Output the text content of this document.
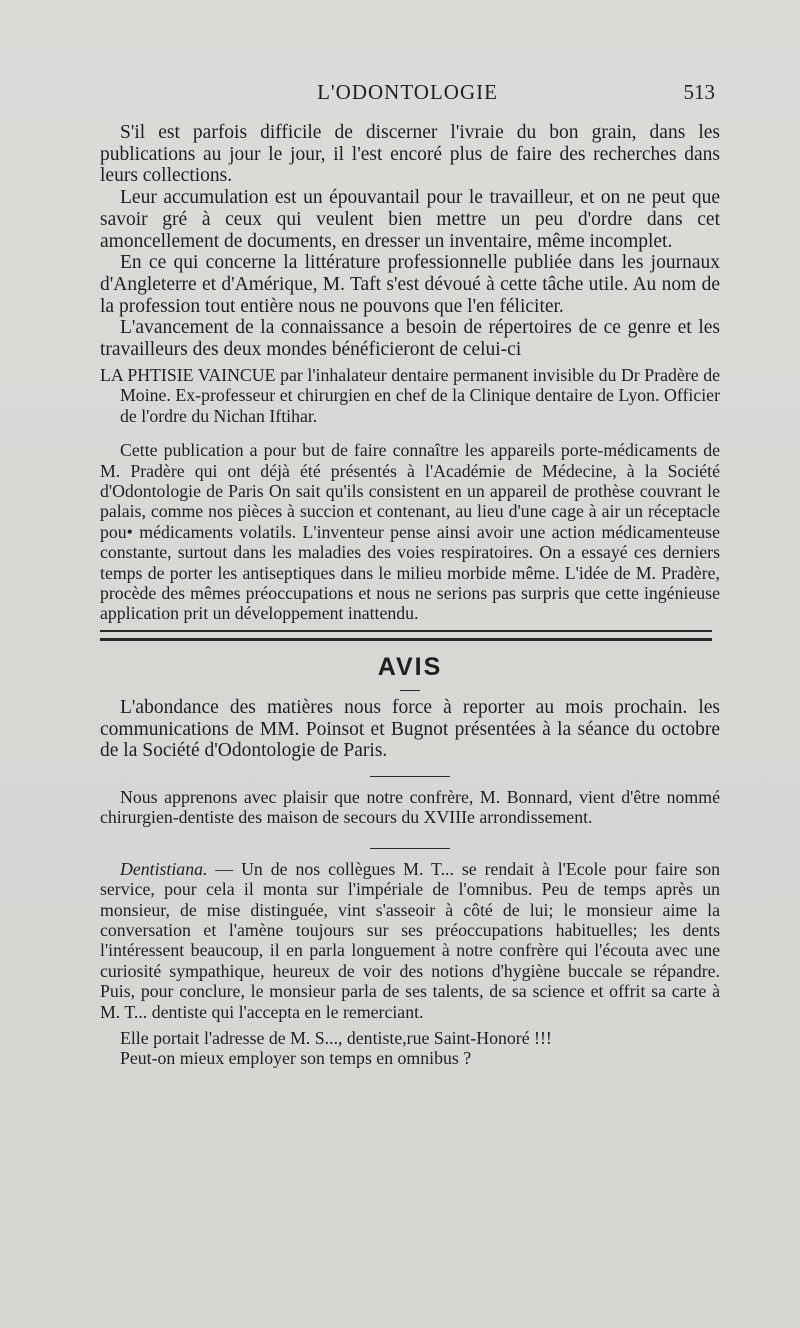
L'ODONTOLOGIE	513

S'il est parfois difficile de discerner l'ivraie du bon grain, dans les publications au jour le jour, il l'est encoré plus de faire des recherches dans leurs collections.

Leur accumulation est un épouvantail pour le travailleur, et on ne peut que savoir gré à ceux qui veulent bien mettre un peu d'ordre dans cet amoncellement de documents, en dresser un inventaire, même incomplet.

En ce qui concerne la littérature professionnelle publiée dans les journaux d'Angleterre et d'Amérique, M. Taft s'est dévoué à cette tâche utile. Au nom de la profession tout entière nous ne pouvons que l'en féliciter.

L'avancement de la connaissance a besoin de répertoires de ce genre et les travailleurs des deux mondes bénéficieront de celui-ci

LA PHTISIE VAINCUE par l'inhalateur dentaire permanent invisible du Dr Pradère de Moine. Ex-professeur et chirurgien en chef de la Clinique dentaire de Lyon. Officier de l'ordre du Nichan Iftihar.

Cette publication a pour but de faire connaître les appareils porte-médicaments de M. Pradère qui ont déjà été présentés à l'Académie de Médecine, à la Société d'Odontologie de Paris On sait qu'ils consistent en un appareil de prothèse couvrant le palais, comme nos pièces à succion et contenant, au lieu d'une cage à air un réceptacle pou• médicaments volatils. L'inventeur pense ainsi avoir une action médicamenteuse constante, surtout dans les maladies des voies respiratoires. On a essayé ces derniers temps de porter les antiseptiques dans le milieu morbide même. L'idée de M. Pradère, procède des mêmes préoccupations et nous ne serions pas surpris que cette ingénieuse application prit un développement inattendu.

AVIS

L'abondance des matières nous force à reporter au mois prochain. les communications de MM. Poinsot et Bugnot présentées à la séance du octobre de la Société d'Odontologie de Paris.

Nous apprenons avec plaisir que notre confrère, M. Bonnard, vient d'être nommé chirurgien-dentiste des maison de secours du XVIIIe arrondissement.

Dentistiana. — Un de nos collègues M. T... se rendait à l'Ecole pour faire son service, pour cela il monta sur l'impériale de l'omnibus. Peu de temps après un monsieur, de mise distinguée, vint s'asseoir à côté de lui; le monsieur aime la conversation et l'amène toujours sur ses préoccupations habituelles; les dents l'intéressent beaucoup, il en parla longuement à notre confrère qui l'écouta avec une curiosité sympathique, heureux de voir des notions d'hygiène buccale se répandre. Puis, pour conclure, le monsieur parla de ses talents, de sa science et offrit sa carte à M. T... dentiste qui l'accepta en le remerciant.

Elle portait l'adresse de M. S..., dentiste,rue Saint-Honoré !!!

Peut-on mieux employer son temps en omnibus ?
